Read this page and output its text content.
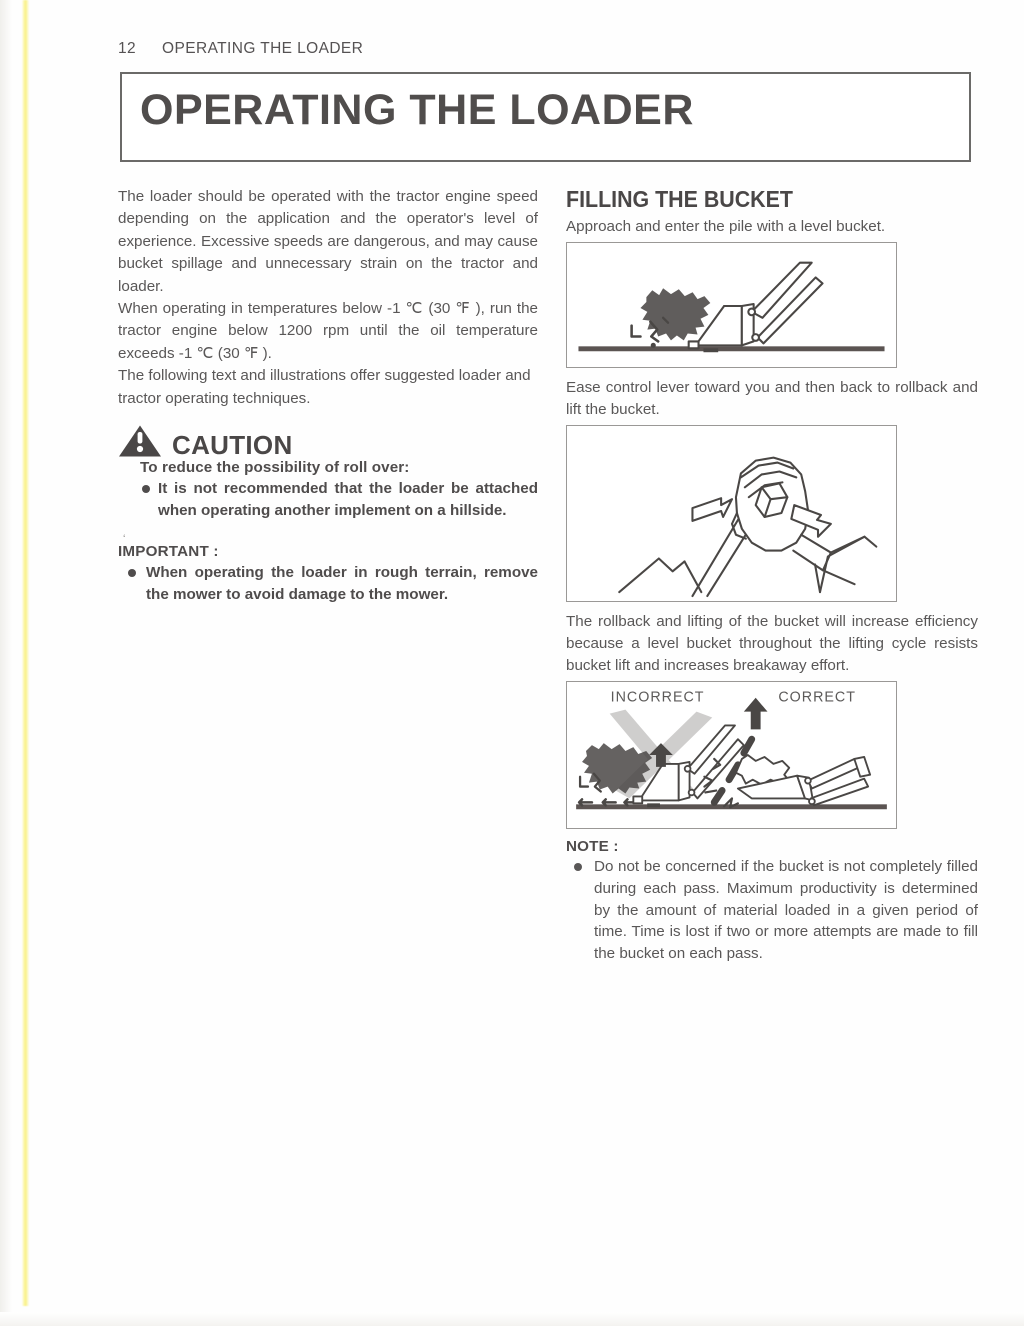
12 OPERATING THE LOADER
OPERATING THE LOADER

The loader should be operated with the tractor engine speed depending on the application and the operator's level of experience. Excessive speeds are dangerous, and may cause bucket spillage and unnecessary strain on the tractor and loader.

When operating in temperatures below -1 ℃ (30 ℉ ), run the tractor engine below 1200 rpm until the oil temperature exceeds -1 ℃ (30 ℉ ).

The following text and illustrations offer suggested loader and tractor operating techniques.

CAUTION

To reduce the possibility of roll over:

It is not recommended that the loader be attached when operating another implement on a hillside.
‘

IMPORTANT :

When operating the loader in rough terrain, remove the mower to avoid damage to the mower.
FILLING THE BUCKET

Approach and enter the pile with a level bucket.

Ease control lever toward you and then back to rollback and lift the bucket.

The rollback and lifting of the bucket will increase efficiency because a level bucket throughout the lifting cycle resists bucket lift and increases breakaway effort.

INCORRECT	CORRECT

NOTE :

Do not be concerned if the bucket is not completely filled during each pass. Maximum productivity is determined by the amount of material loaded in a given period of time. Time is lost if two or more attempts are made to fill the bucket on each pass.
